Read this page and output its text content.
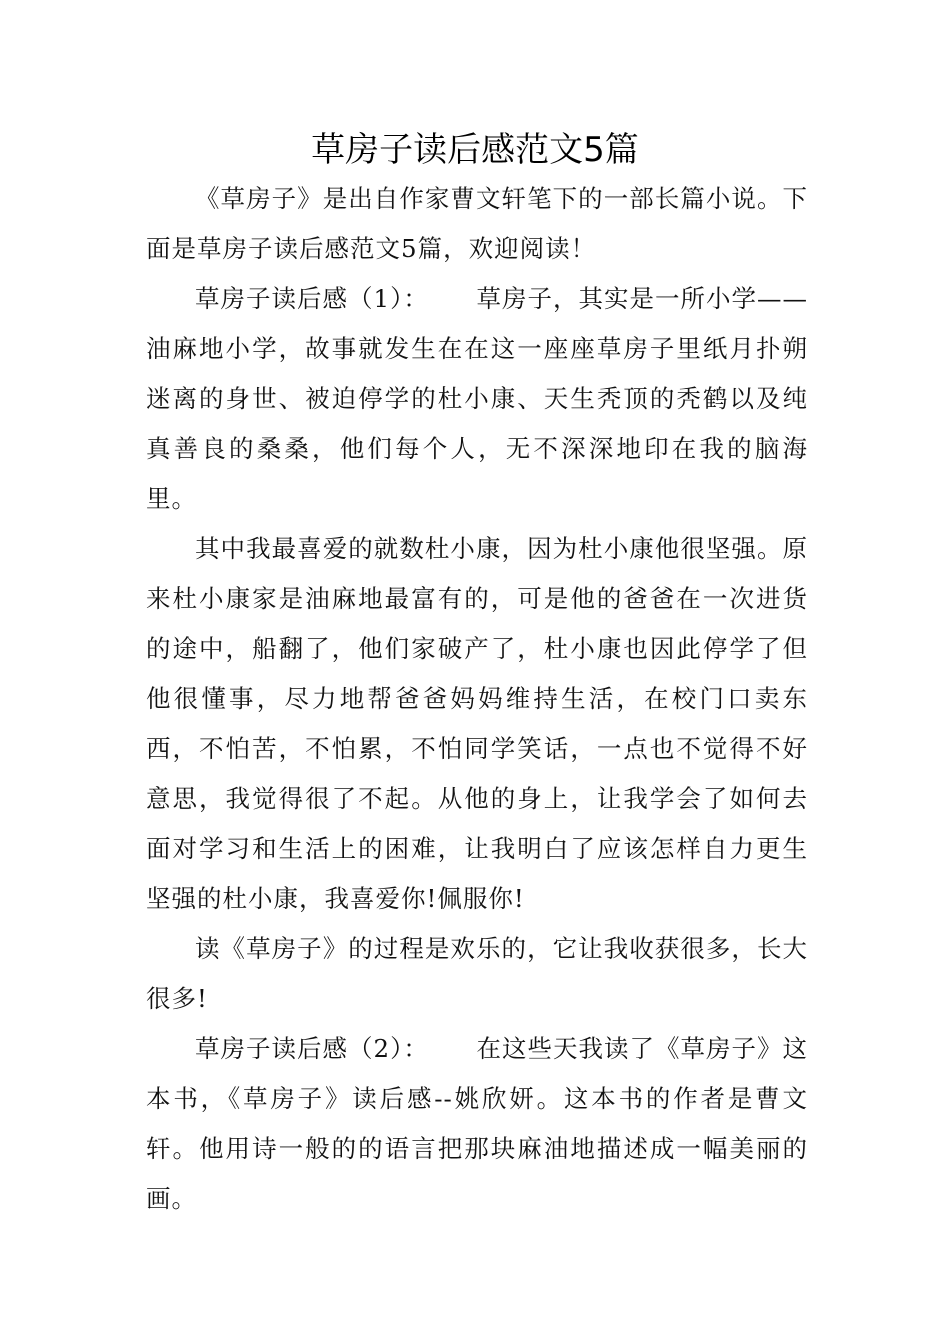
草房子读后感范文5篇

《草房子》是出自作家曹文轩笔下的一部长篇小说。下面是草房子读后感范文5篇，欢迎阅读！

草房子读后感（1）：　　 草房子，其实是一所小学——油麻地小学，故事就发生在在这一座座草房子里纸月扑朔迷离的身世、被迫停学的杜小康、天生秃顶的秃鹤以及纯真善良的桑桑，他们每个人，无不深深地印在我的脑海里。

其中我最喜爱的就数杜小康，因为杜小康他很坚强。原来杜小康家是油麻地最富有的，可是他的爸爸在一次进货的途中，船翻了，他们家破产了，杜小康也因此停学了但他很懂事，尽力地帮爸爸妈妈维持生活，在校门口卖东西，不怕苦，不怕累，不怕同学笑话，一点也不觉得不好意思，我觉得很了不起。从他的身上，让我学会了如何去面对学习和生活上的困难，让我明白了应该怎样自力更生坚强的杜小康，我喜爱你!佩服你!

读《草房子》的过程是欢乐的，它让我收获很多，长大很多!

草房子读后感（2）：　　 在这些天我读了《草房子》这本书，《草房子》读后感--姚欣妍。这本书的作者是曹文轩。他用诗一般的的语言把那块麻油地描述成一幅美丽的画。
